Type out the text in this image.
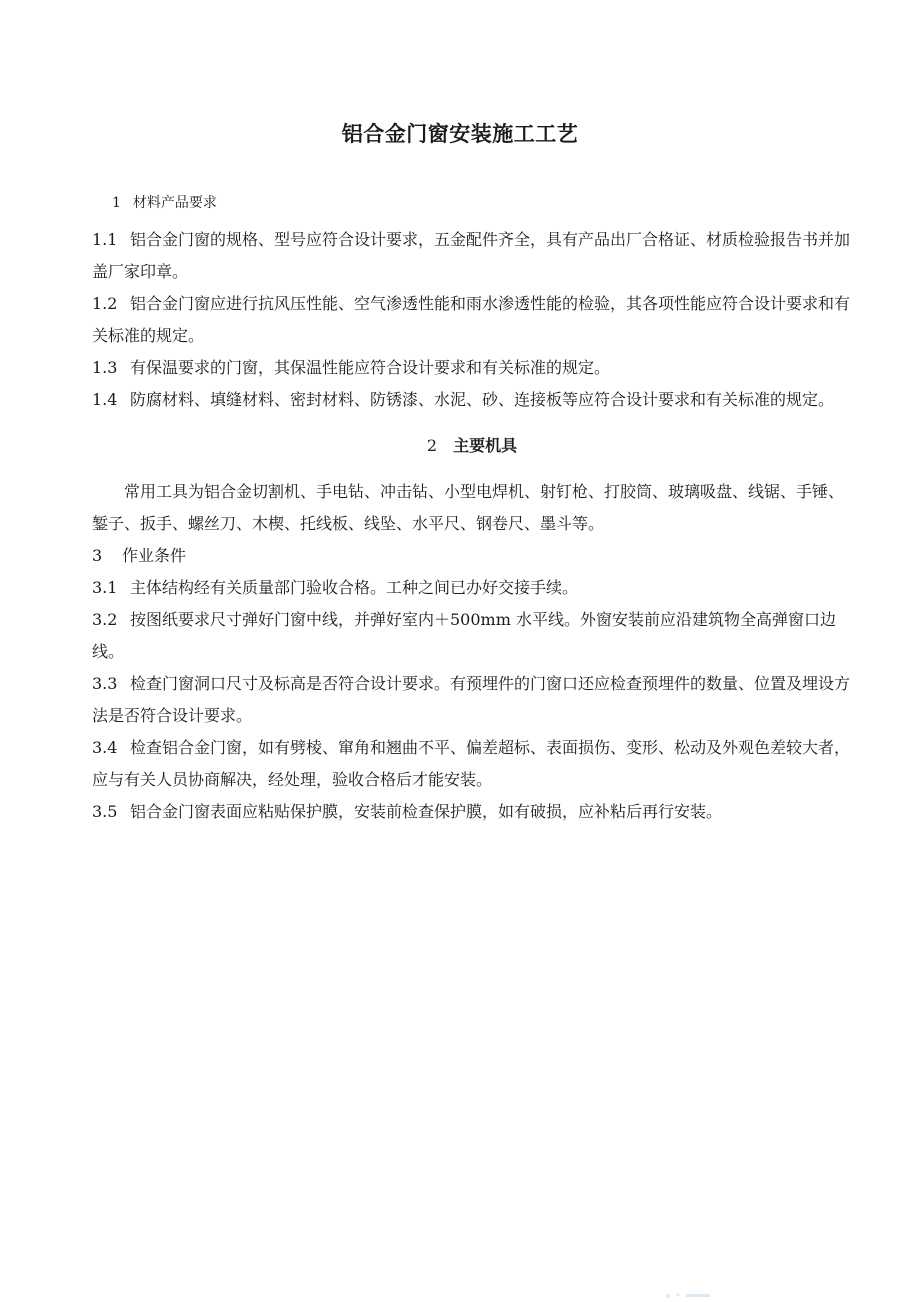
铝合金门窗安装施工工艺
1 材料产品要求

1.1 铝合金门窗的规格、型号应符合设计要求，五金配件齐全，具有产品出厂合格证、材质检验报告书并加盖厂家印章。

1.2 铝合金门窗应进行抗风压性能、空气渗透性能和雨水渗透性能的检验，其各项性能应符合设计要求和有关标准的规定。

1.3 有保温要求的门窗，其保温性能应符合设计要求和有关标准的规定。

1.4 防腐材料、填缝材料、密封材料、防锈漆、水泥、砂、连接板等应符合设计要求和有关标准的规定。

2 主要机具

常用工具为铝合金切割机、手电钻、冲击钻、小型电焊机、射钉枪、打胶筒、玻璃吸盘、线锯、手锤、錾子、扳手、螺丝刀、木楔、托线板、线坠、水平尺、钢卷尺、墨斗等。

3 作业条件

3.1 主体结构经有关质量部门验收合格。工种之间已办好交接手续。

3.2 按图纸要求尺寸弹好门窗中线，并弹好室内＋500mm 水平线。外窗安装前应沿建筑物全高弹窗口边线。

3.3 检查门窗洞口尺寸及标高是否符合设计要求。有预埋件的门窗口还应检查预埋件的数量、位置及埋设方法是否符合设计要求。

3.4 检查铝合金门窗，如有劈棱、窜角和翘曲不平、偏差超标、表面损伤、变形、松动及外观色差较大者，应与有关人员协商解决，经处理，验收合格后才能安装。

3.5 铝合金门窗表面应粘贴保护膜，安装前检查保护膜，如有破损，应补粘后再行安装。
